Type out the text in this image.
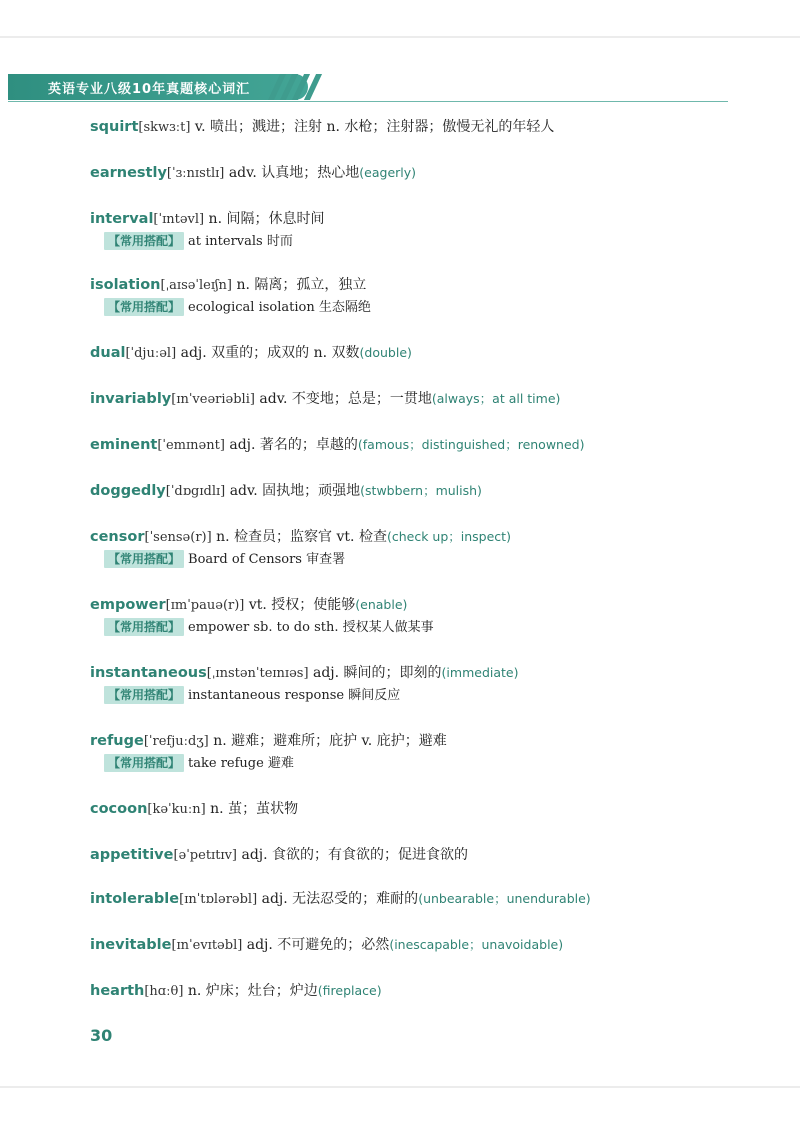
英语专业八级10年真题核心词汇
squirt[skwɜːt] v. 喷出；溅进；注射 n. 水枪；注射器；傲慢无礼的年轻人
earnestly[ˈɜːnɪstlɪ] adv. 认真地；热心地(eagerly)
interval[ˈɪntəvl] n. 间隔；休息时间
【常用搭配】 at intervals 时而
isolation[ˌaɪsəˈleɪʃn] n. 隔离；孤立，独立
【常用搭配】 ecological isolation 生态隔绝
dual[ˈdjuːəl] adj. 双重的；成双的 n. 双数(double)
invariably[ɪnˈveəriəbli] adv. 不变地；总是；一贯地(always；at all time)
eminent[ˈemɪnənt] adj. 著名的；卓越的(famous；distinguished；renowned)
doggedly[ˈdɒgɪdlɪ] adv. 固执地；顽强地(stwbbern；mulish)
censor[ˈsensə(r)] n. 检查员；监察官 vt. 检查(check up；inspect)
【常用搭配】 Board of Censors 审查署
empower[ɪmˈpauə(r)] vt. 授权；使能够(enable)
【常用搭配】 empower sb. to do sth. 授权某人做某事
instantaneous[ˌɪnstənˈteɪnɪəs] adj. 瞬间的；即刻的(immediate)
【常用搭配】 instantaneous response 瞬间反应
refuge[ˈrefjuːdʒ] n. 避难；避难所；庇护 v. 庇护；避难
【常用搭配】 take refuge 避难
cocoon[kəˈkuːn] n. 茧；茧状物
appetitive[əˈpetɪtɪv] adj. 食欲的；有食欲的；促进食欲的
intolerable[ɪnˈtɒlərəbl] adj. 无法忍受的；难耐的(unbearable；unendurable)
inevitable[ɪnˈevɪtəbl] adj. 不可避免的；必然(inescapable；unavoidable)
hearth[hɑːθ] n. 炉床；灶台；炉边(fireplace)
30
